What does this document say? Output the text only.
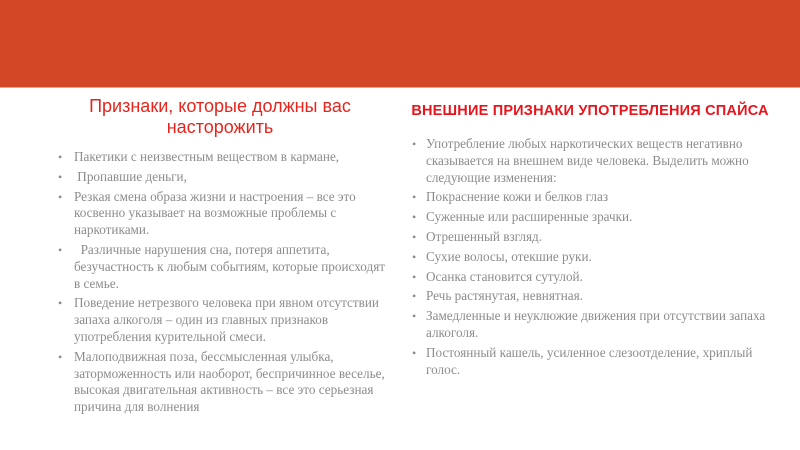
Признаки, которые должны вас насторожить
• Пакетики с неизвестным веществом в кармане,
• Пропавшие деньги,
• Резкая смена образа жизни и настроения – все это косвенно указывает на возможные проблемы с наркотиками.
• Различные нарушения сна, потеря аппетита, безучастность к любым событиям, которые происходят в семье.
• Поведение нетрезвого человека при явном отсутствии запаха алкоголя – один из главных признаков употребления курительной смеси.
• Малоподвижная поза, бессмысленная улыбка, заторможенность или наоборот, беспричинное веселье, высокая двигательная активность – все это серьезная причина для волнения
ВНЕШНИЕ ПРИЗНАКИ УПОТРЕБЛЕНИЯ СПАЙСА
• Употребление любых наркотических веществ негативно сказывается на внешнем виде человека. Выделить можно следующие изменения:
• Покраснение кожи и белков глаз
• Суженные или расширенные зрачки.
• Отрешенный взгляд.
• Сухие волосы, отекшие руки.
• Осанка становится сутулой.
• Речь растянутая, невнятная.
• Замедленные и неуклюжие движения при отсутствии запаха алкоголя.
• Постоянный кашель, усиленное слезоотделение, хриплый голос.
